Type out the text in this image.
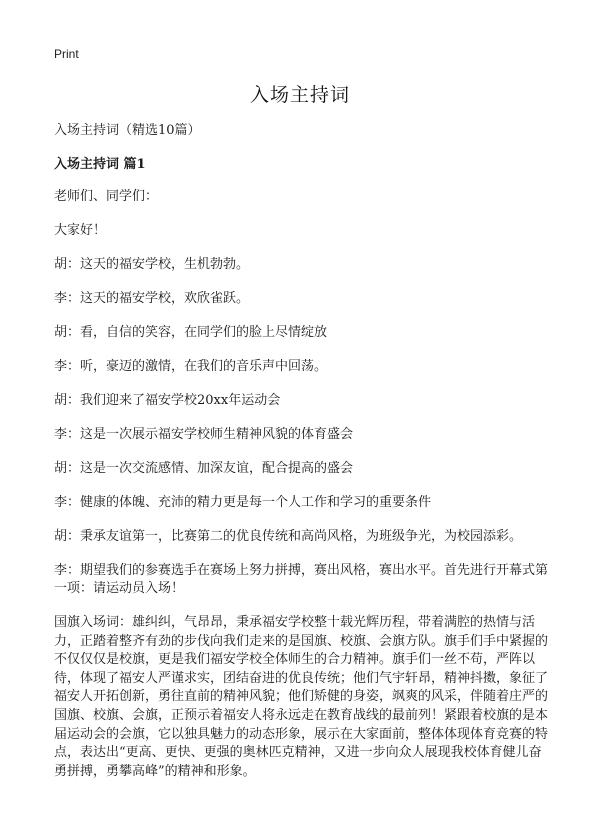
Print
入场主持词

入场主持词（精选10篇）

入场主持词 篇1

老师们、同学们：

大家好！

胡：这天的福安学校，生机勃勃。

李：这天的福安学校，欢欣雀跃。

胡：看，自信的笑容，在同学们的脸上尽情绽放

李：听，豪迈的激情，在我们的音乐声中回荡。

胡：我们迎来了福安学校20xx年运动会

李：这是一次展示福安学校师生精神风貌的体育盛会

胡：这是一次交流感情、加深友谊，配合提高的盛会

李：健康的体魄、充沛的精力更是每一个人工作和学习的重要条件

胡：秉承友谊第一，比赛第二的优良传统和高尚风格，为班级争光，为校园添彩。

李：期望我们的参赛选手在赛场上努力拼搏，赛出风格，赛出水平。首先进行开幕式第一项：请运动员入场！

国旗入场词：雄纠纠，气昂昂，秉承福安学校整十载光辉历程，带着满腔的热情与活力，正踏着整齐有劲的步伐向我们走来的是国旗、校旗、会旗方队。旗手们手中紧握的不仅仅仅是校旗，更是我们福安学校全体师生的合力精神。旗手们一丝不苟，严阵以待，体现了福安人严谨求实，团结奋进的优良传统；他们气宇轩昂，精神抖擞，象征了福安人开拓创新，勇往直前的精神风貌；他们矫健的身姿，飒爽的风采，伴随着庄严的国旗、校旗、会旗，正预示着福安人将永远走在教育战线的最前列！紧跟着校旗的是本届运动会的会旗，它以独具魅力的动态形象，展示在大家面前，整体体现体育竞赛的特点，表达出“更高、更快、更强的奥林匹克精神，又进一步向众人展现我校体育健儿奋勇拼搏，勇攀高峰”的精神和形象。
